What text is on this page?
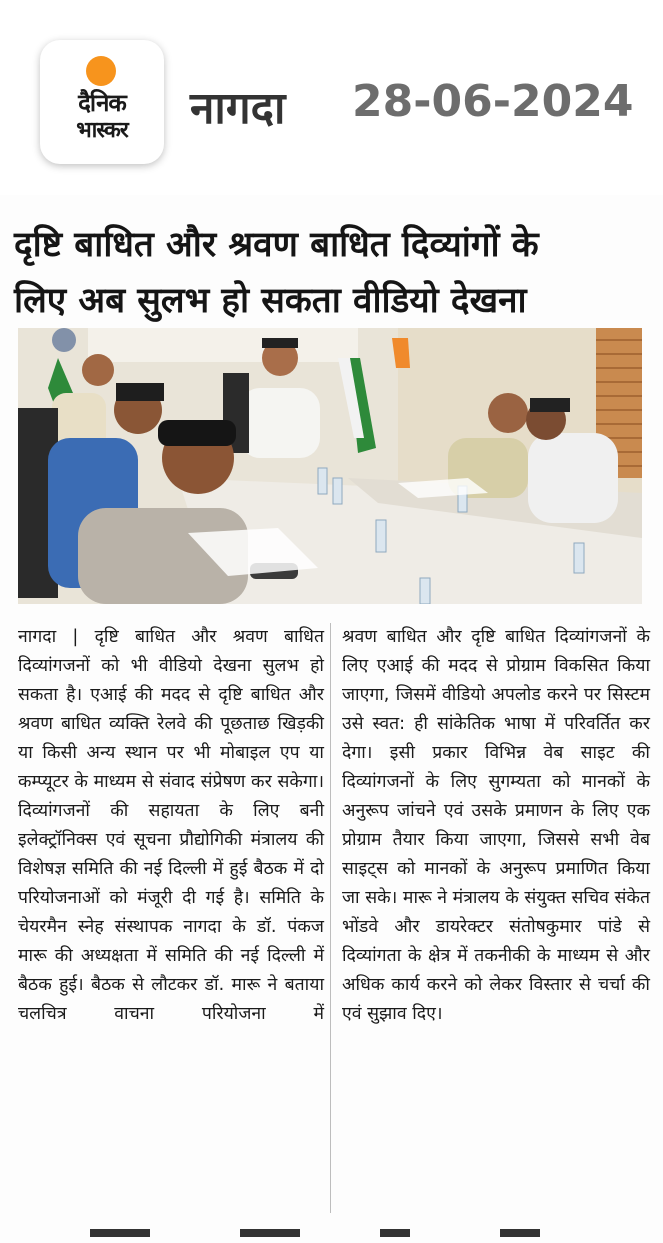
दैनिक
भास्कर	नागदा 28-06-2024
दृष्टि बाधित और श्रवण बाधित दिव्यांगों के
लिए अब सुलभ हो सकता वीडियो देखना

नागदा | दृष्टि बाधित और श्रवण बाधित दिव्यांगजनों को भी वीडियो देखना सुलभ हो सकता है। एआई की मदद से दृष्टि बाधित और श्रवण बाधित व्यक्ति रेलवे की पूछताछ खिड़की या किसी अन्य स्थान पर भी मोबाइल एप या कम्प्यूटर के माध्यम से संवाद संप्रेषण कर सकेगा। दिव्यांगजनों की सहायता के लिए बनी इलेक्ट्रॉनिक्स एवं सूचना प्रौद्योगिकी मंत्रालय की विशेषज्ञ समिति की नई दिल्ली में हुई बैठक में दो परियोजनाओं को मंजूरी दी गई है। समिति के चेयरमैन स्नेह संस्थापक नागदा के डॉ. पंकज मारू की अध्यक्षता में समिति की नई दिल्ली में बैठक हुई। बैठक से लौटकर डॉ. मारू ने बताया चलचित्र वाचना परियोजना में

श्रवण बाधित और दृष्टि बाधित दिव्यांगजनों के लिए एआई की मदद से प्रोग्राम विकसित किया जाएगा, जिसमें वीडियो अपलोड करने पर सिस्टम उसे स्वत: ही सांकेतिक भाषा में परिवर्तित कर देगा। इसी प्रकार विभिन्न वेब साइट की दिव्यांगजनों के लिए सुगम्यता को मानकों के अनुरूप जांचने एवं उसके प्रमाणन के लिए एक प्रोग्राम तैयार किया जाएगा, जिससे सभी वेब साइट्स को मानकों के अनुरूप प्रमाणित किया जा सके। मारू ने मंत्रालय के संयुक्त सचिव संकेत भोंडवे और डायरेक्टर संतोषकुमार पांडे से दिव्यांगता के क्षेत्र में तकनीकी के माध्यम से और अधिक कार्य करने को लेकर विस्तार से चर्चा की एवं सुझाव दिए।
